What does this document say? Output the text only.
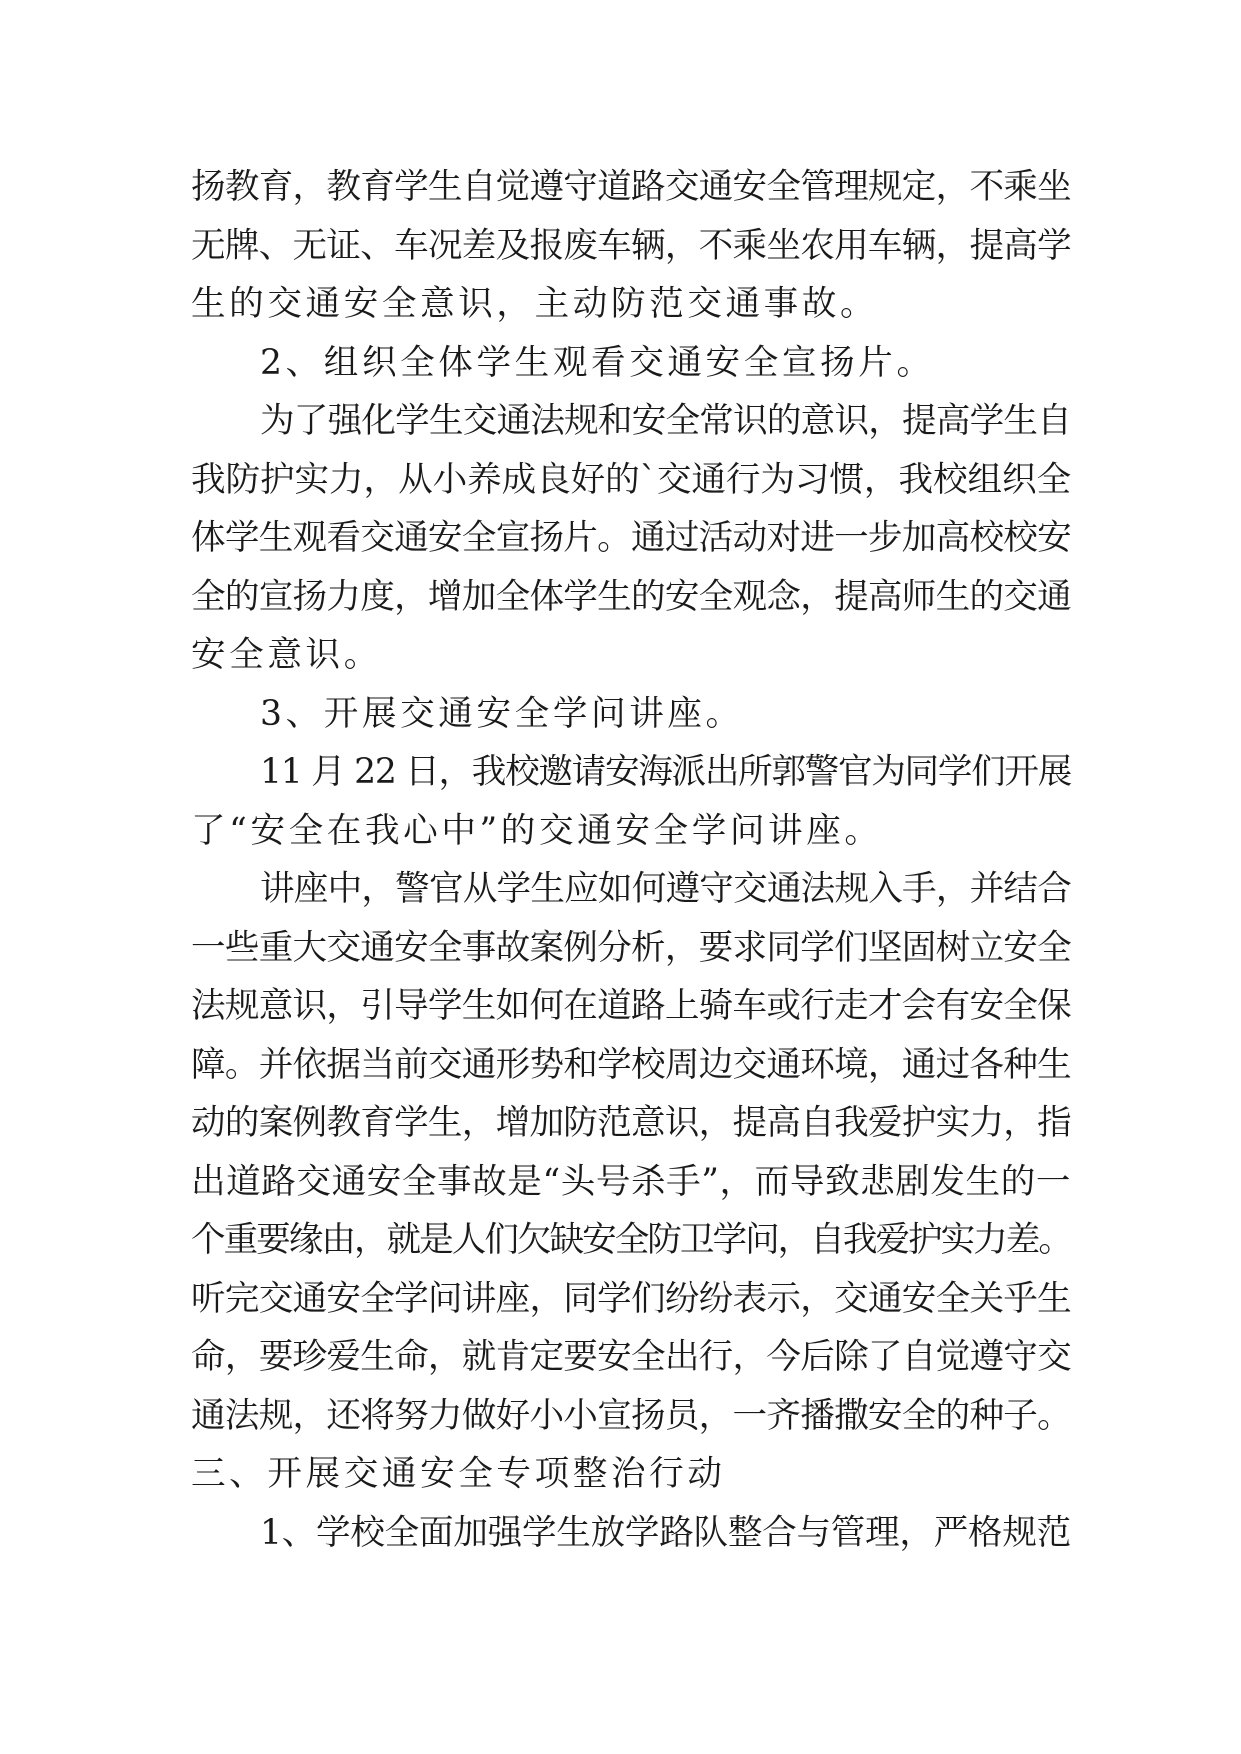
扬教育，教育学生自觉遵守道路交通安全管理规定，不乘坐
无牌、无证、车况差及报废车辆，不乘坐农用车辆，提高学
生的交通安全意识，主动防范交通事故。
2、组织全体学生观看交通安全宣扬片。
为了强化学生交通法规和安全常识的意识，提高学生自
我防护实力，从小养成良好的`交通行为习惯，我校组织全
体学生观看交通安全宣扬片。通过活动对进一步加高校校安
全的宣扬力度，增加全体学生的安全观念，提高师生的交通
安全意识。
3、开展交通安全学问讲座。
11 月 22 日，我校邀请安海派出所郭警官为同学们开展
了“安全在我心中”的交通安全学问讲座。
讲座中，警官从学生应如何遵守交通法规入手，并结合
一些重大交通安全事故案例分析，要求同学们坚固树立安全
法规意识，引导学生如何在道路上骑车或行走才会有安全保
障。并依据当前交通形势和学校周边交通环境，通过各种生
动的案例教育学生，增加防范意识，提高自我爱护实力，指
出道路交通安全事故是“头号杀手”，而导致悲剧发生的一
个重要缘由，就是人们欠缺安全防卫学问，自我爱护实力差。
听完交通安全学问讲座，同学们纷纷表示，交通安全关乎生
命，要珍爱生命，就肯定要安全出行，今后除了自觉遵守交
通法规，还将努力做好小小宣扬员，一齐播撒安全的种子。
三、开展交通安全专项整治行动
1、学校全面加强学生放学路队整合与管理，严格规范
